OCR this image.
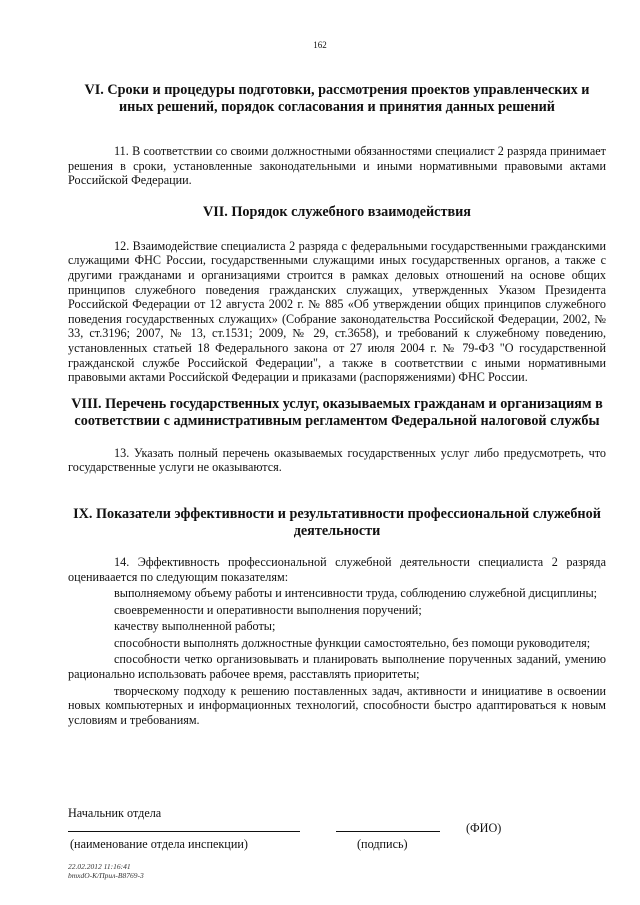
162
VI. Сроки и процедуры подготовки, рассмотрения проектов управленческих и иных решений, порядок согласования и принятия данных решений

11. В соответствии со своими должностными обязанностями специалист 2 разряда принимает решения в сроки, установленные законодательными и иными нормативными правовыми актами Российской Федерации.

VII. Порядок служебного взаимодействия

12. Взаимодействие специалиста 2 разряда с федеральными государственными гражданскими служащими ФНС России, государственными служащими иных государственных органов, а также с другими гражданами и организациями строится в рамках деловых отношений на основе общих принципов служебного поведения гражданских служащих, утвержденных Указом Президента Российской Федерации от 12 августа 2002 г. № 885 «Об утверждении общих принципов служебного поведения государственных служащих» (Собрание законодательства Российской Федерации, 2002, № 33, ст.3196; 2007, № 13, ст.1531; 2009, № 29, ст.3658), и требований к служебному поведению, установленных статьей 18 Федерального закона от 27 июля 2004 г. № 79-ФЗ "О государственной гражданской службе Российской Федерации", а также в соответствии с иными нормативными правовыми актами Российской Федерации и приказами (распоряжениями) ФНС России.

VIII. Перечень государственных услуг, оказываемых гражданам и организациям в соответствии с административным регламентом Федеральной налоговой службы

13. Указать полный перечень оказываемых государственных услуг либо предусмотреть, что государственные услуги не оказываются.

IX. Показатели эффективности и результативности профессиональной служебной деятельности

14. Эффективность профессиональной служебной деятельности специалиста 2 разряда оцениваается по следующим показателям:

выполняемому объему работы и интенсивности труда, соблюдению служебной дисциплины;

своевременности и оперативности выполнения поручений;

качеству выполненной работы;

способности выполнять должностные функции самостоятельно, без помощи руководителя;

способности четко организовывать и планировать выполнение порученных заданий, умению рационально использовать рабочее время, расставлять приоритеты;

творческому подходу к решению поставленных задач, активности и инициативе в освоении новых компьютерных и информационных технологий, способности быстро адаптироваться к новым условиям и требованиям.

Начальник отдела
(ФИО)
(наименование отдела инспекции)	(подпись)
22.02.2012 11:16:41
bmxdO-K/Прил-B8769-3
